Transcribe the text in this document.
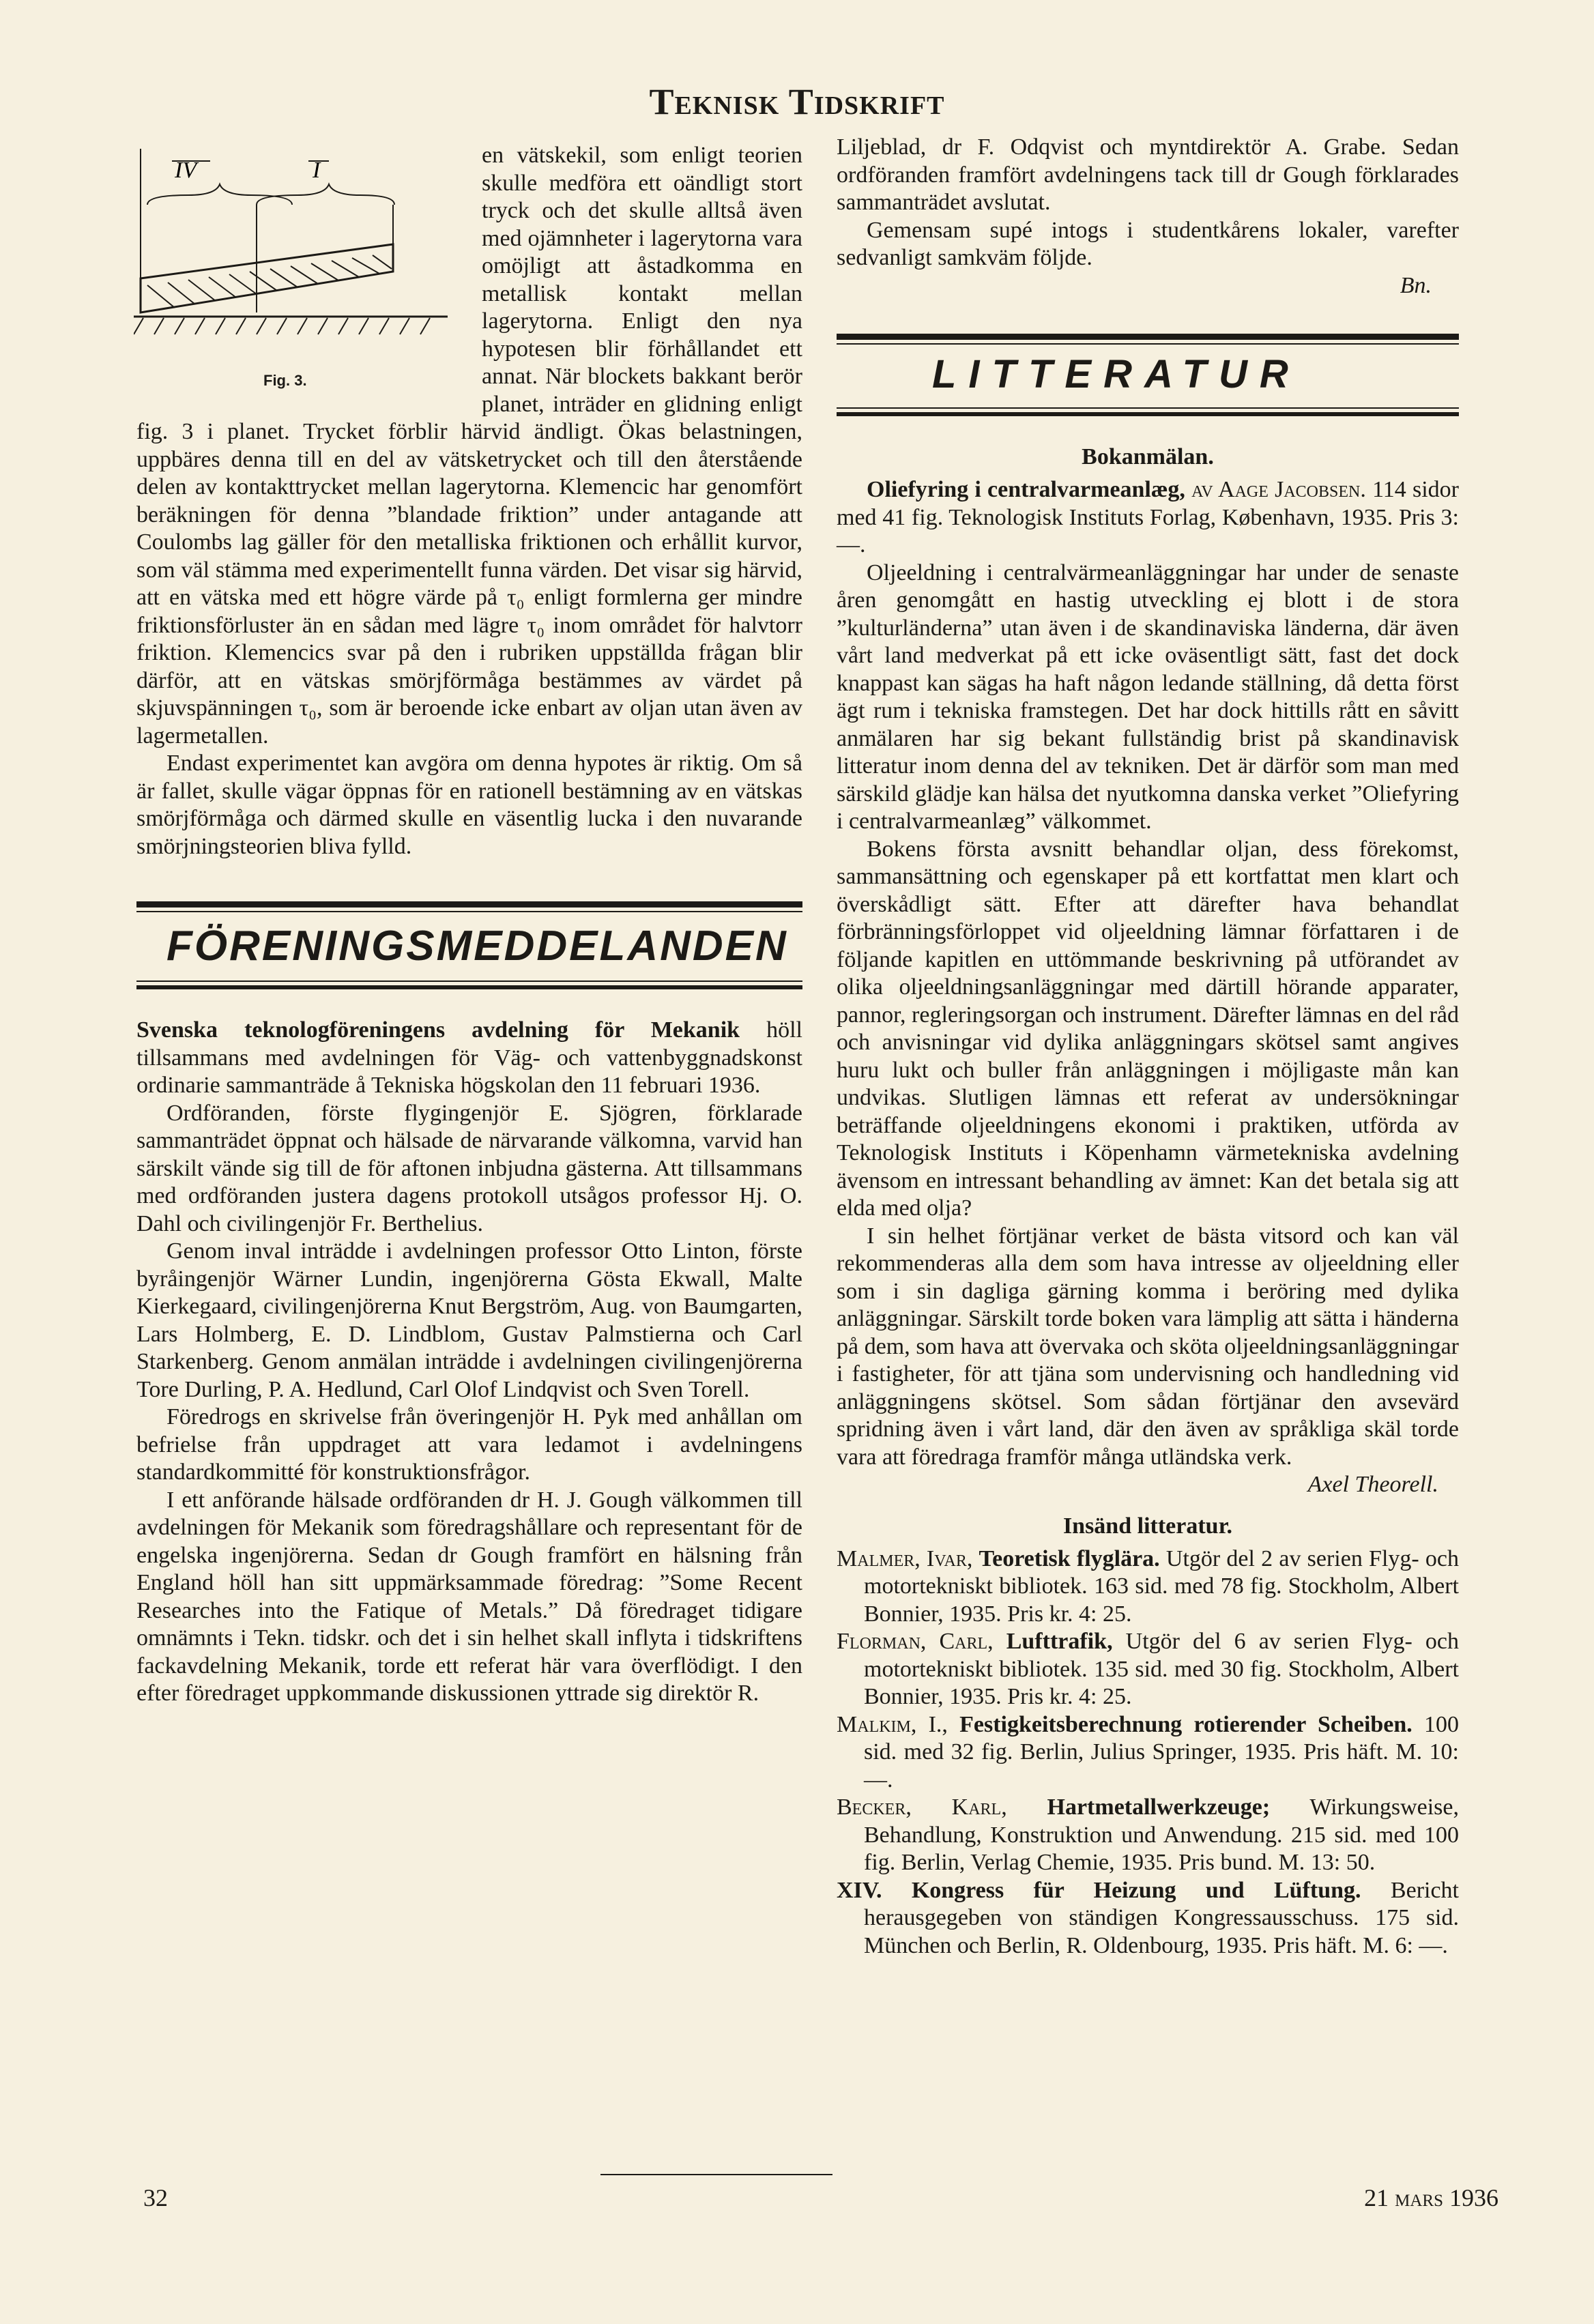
Teknisk Tidskrift

IV	I
Fig. 3.
en vätskekil, som enligt teorien skulle medföra ett oändligt stort tryck och det skulle alltså även med ojämnheter i lagerytorna vara omöjligt att åstadkomma en metallisk kontakt mellan lagerytorna. Enligt den nya hypotesen blir förhållandet ett annat. När blockets bakkant berör planet, inträder en glidning enligt fig. 3 i planet. Trycket förblir härvid ändligt. Ökas belastningen, uppbäres denna till en del av vätsketrycket och till den återstående delen av kontakttrycket mellan lagerytorna. Klemencic har genomfört beräkningen för denna ”blandade friktion” under antagande att Coulombs lag gäller för den metalliska friktionen och erhållit kurvor, som väl stämma med experimentellt funna värden. Det visar sig härvid, att en vätska med ett högre värde på τ₀ enligt formlerna ger mindre friktionsförluster än en sådan med lägre τ₀ inom området för halvtorr friktion. Klemencics svar på den i rubriken uppställda frågan blir därför, att en vätskas smörjförmåga bestämmes av värdet på skjuvspänningen τ₀, som är beroende icke enbart av oljan utan även av lagermetallen.

Endast experimentet kan avgöra om denna hypotes är riktig. Om så är fallet, skulle vägar öppnas för en rationell bestämning av en vätskas smörjförmåga och därmed skulle en väsentlig lucka i den nuvarande smörjningsteorien bliva fylld.

FÖRENINGSMEDDELANDEN

Svenska teknologföreningens avdelning för Mekanik höll tillsammans med avdelningen för Väg- och vattenbyggnadskonst ordinarie sammanträde å Tekniska högskolan den 11 februari 1936.

Ordföranden, förste flygingenjör E. Sjögren, förklarade sammanträdet öppnat och hälsade de närvarande välkomna, varvid han särskilt vände sig till de för aftonen inbjudna gästerna. Att tillsammans med ordföranden justera dagens protokoll utsågos professor Hj. O. Dahl och civilingenjör Fr. Berthelius.

Genom inval inträdde i avdelningen professor Otto Linton, förste byråingenjör Wärner Lundin, ingenjörerna Gösta Ekwall, Malte Kierkegaard, civilingenjörerna Knut Bergström, Aug. von Baumgarten, Lars Holmberg, E. D. Lindblom, Gustav Palmstierna och Carl Starkenberg. Genom anmälan inträdde i avdelningen civilingenjörerna Tore Durling, P. A. Hedlund, Carl Olof Lindqvist och Sven Torell.

Föredrogs en skrivelse från överingenjör H. Pyk med anhållan om befrielse från uppdraget att vara ledamot i avdelningens standardkommitté för konstruktionsfrågor.

I ett anförande hälsade ordföranden dr H. J. Gough välkommen till avdelningen för Mekanik som föredragshållare och representant för de engelska ingenjörerna. Sedan dr Gough framfört en hälsning från England höll han sitt uppmärksammade föredrag: ”Some Recent Researches into the Fatique of Metals.” Då föredraget tidigare omnämnts i Tekn. tidskr. och det i sin helhet skall inflyta i tidskriftens fackavdelning Mekanik, torde ett referat här vara överflödigt. I den efter föredraget uppkommande diskussionen yttrade sig direktör R.

Liljeblad, dr F. Odqvist och myntdirektör A. Grabe. Sedan ordföranden framfört avdelningens tack till dr Gough förklarades sammanträdet avslutat.

Gemensam supé intogs i studentkårens lokaler, varefter sedvanligt samkväm följde.

Bn.

LITTERATUR
Bokanmälan.

Oliefyring i centralvarmeanlæg, av Aage Jacobsen. 114 sidor med 41 fig. Teknologisk Instituts Forlag, København, 1935. Pris 3: —.

Oljeeldning i centralvärmeanläggningar har under de senaste åren genomgått en hastig utveckling ej blott i de stora ”kulturländerna” utan även i de skandinaviska länderna, där även vårt land medverkat på ett icke oväsentligt sätt, fast det dock knappast kan sägas ha haft någon ledande ställning, då detta först ägt rum i tekniska framstegen. Det har dock hittills rått en såvitt anmälaren har sig bekant fullständig brist på skandinavisk litteratur inom denna del av tekniken. Det är därför som man med särskild glädje kan hälsa det nyutkomna danska verket ”Oliefyring i centralvarmeanlæg” välkommet.

Bokens första avsnitt behandlar oljan, dess förekomst, sammansättning och egenskaper på ett kortfattat men klart och överskådligt sätt. Efter att därefter hava behandlat förbränningsförloppet vid oljeeldning lämnar författaren i de följande kapitlen en uttömmande beskrivning på utförandet av olika oljeeldningsanläggningar med därtill hörande apparater, pannor, regleringsorgan och instrument. Därefter lämnas en del råd och anvisningar vid dylika anläggningars skötsel samt angives huru lukt och buller från anläggningen i möjligaste mån kan undvikas. Slutligen lämnas ett referat av undersökningar beträffande oljeeldningens ekonomi i praktiken, utförda av Teknologisk Instituts i Köpenhamn värmetekniska avdelning ävensom en intressant behandling av ämnet: Kan det betala sig att elda med olja?

I sin helhet förtjänar verket de bästa vitsord och kan väl rekommenderas alla dem som hava intresse av oljeeldning eller som i sin dagliga gärning komma i beröring med dylika anläggningar. Särskilt torde boken vara lämplig att sätta i händerna på dem, som hava att övervaka och sköta oljeeldningsanläggningar i fastigheter, för att tjäna som undervisning och handledning vid anläggningens skötsel. Som sådan förtjänar den avsevärd spridning även i vårt land, där den även av språkliga skäl torde vara att föredraga framför många utländska verk.

Axel Theorell.

Insänd litteratur.

Malmer, Ivar, Teoretisk flyglära. Utgör del 2 av serien Flyg- och motortekniskt bibliotek. 163 sid. med 78 fig. Stockholm, Albert Bonnier, 1935. Pris kr. 4: 25.

Florman, Carl, Lufttrafik, Utgör del 6 av serien Flyg- och motortekniskt bibliotek. 135 sid. med 30 fig. Stockholm, Albert Bonnier, 1935. Pris kr. 4: 25.

Malkim, I., Festigkeitsberechnung rotierender Scheiben. 100 sid. med 32 fig. Berlin, Julius Springer, 1935. Pris häft. M. 10: —.

Becker, Karl, Hartmetallwerkzeuge; Wirkungsweise, Behandlung, Konstruktion und Anwendung. 215 sid. med 100 fig. Berlin, Verlag Chemie, 1935. Pris bund. M. 13: 50.

XIV. Kongress für Heizung und Lüftung. Bericht herausgegeben von ständigen Kongressausschuss. 175 sid. München och Berlin, R. Oldenbourg, 1935. Pris häft. M. 6: —.

32	21 mars 1936
